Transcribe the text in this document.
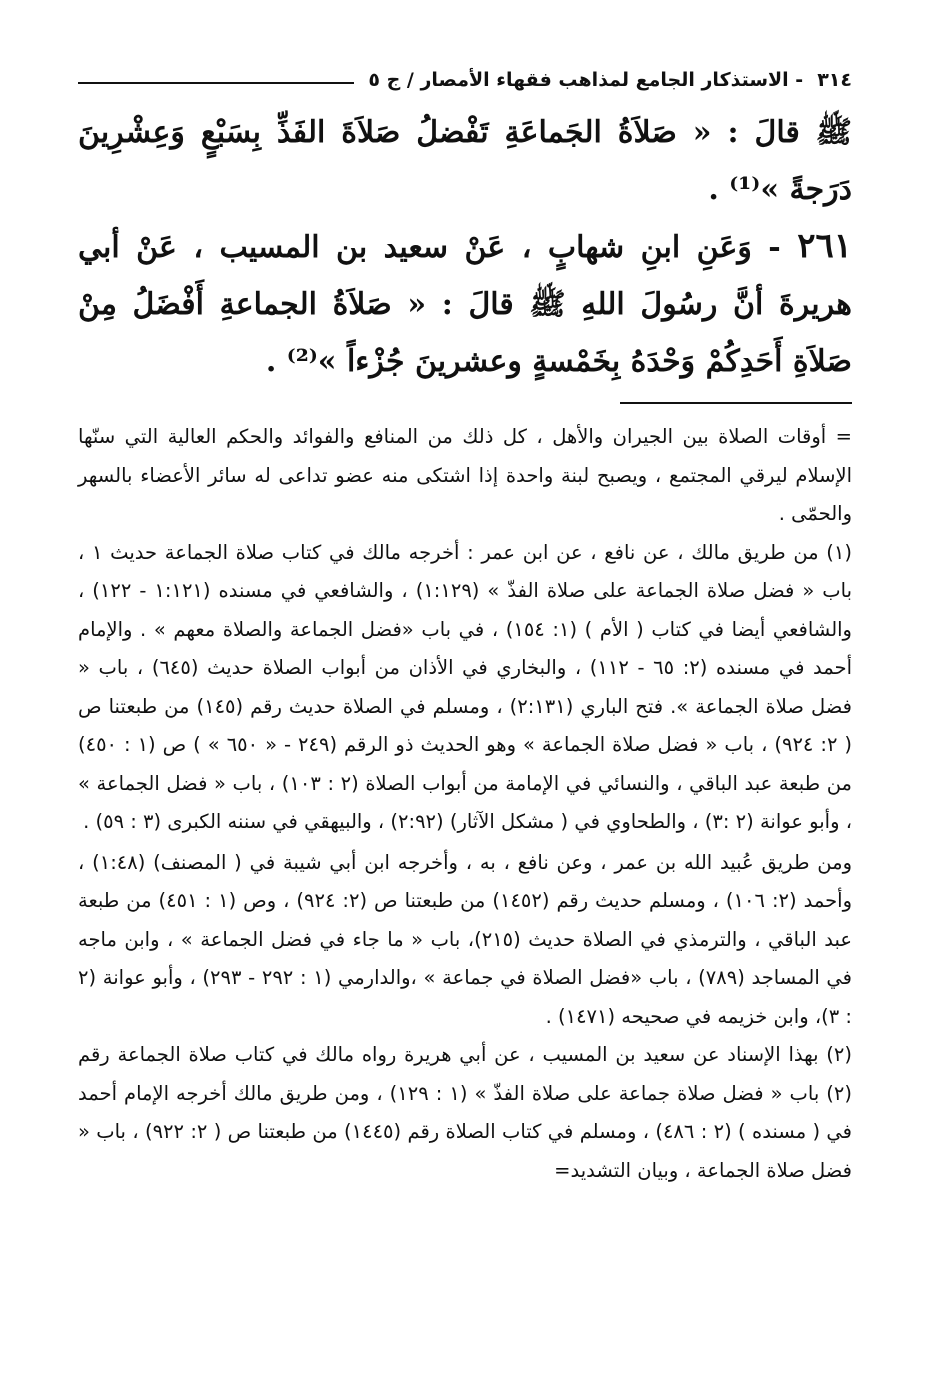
٣١٤
- الاستذكار الجامع لمذاهب فقهاء الأمصار / ج ٥

ﷺ قالَ : « صَلاَةُ الجَماعَةِ تَفْضلُ صَلاَةَ الفَذِّ بِسَبْعٍ وَعِشْرِينَ دَرَجةً »⁽¹⁾ .

٢٦١ - وَعَنِ ابنِ شهابٍ ، عَنْ سعيد بن المسيب ، عَنْ أبي هريرةَ أنَّ رسُولَ اللهِ ﷺ قالَ : « صَلاَةُ الجماعةِ أَفْضَلُ مِنْ صَلاَةِ أَحَدِكُمْ وَحْدَهُ بِخَمْسةٍ وعشرينَ جُزْءاً »⁽²⁾ .

= أوقات الصلاة بين الجيران والأهل ، كل ذلك من المنافع والفوائد والحكم العالية التي سنّها الإسلام ليرقي المجتمع ، ويصبح لبنة واحدة إذا اشتكى منه عضو تداعى له سائر الأعضاء بالسهر والحمّى .

(١) من طريق مالك ، عن نافع ، عن ابن عمر : أخرجه مالك في كتاب صلاة الجماعة حديث ١ ، باب « فضل صلاة الجماعة على صلاة الفذّ » (١:١٢٩) ، والشافعي في مسنده (١:١٢١ - ١٢٢) ، والشافعي أيضا في كتاب ( الأم ) (١: ١٥٤) ، في باب «فضل الجماعة والصلاة معهم » . والإمام أحمد في مسنده (٢: ٦٥ - ١١٢) ، والبخاري في الأذان من أبواب الصلاة حديث (٦٤٥) ، باب « فضل صلاة الجماعة ». فتح الباري (٢:١٣١) ، ومسلم في الصلاة حديث رقم (١٤٥) من طبعتنا ص ( ٢: ٩٢٤) ، باب « فضل صلاة الجماعة » وهو الحديث ذو الرقم (٢٤٩ - « ٦٥٠ » ) ص (١ : ٤٥٠) من طبعة عبد الباقي ، والنسائي في الإمامة من أبواب الصلاة (٢ : ١٠٣) ، باب « فضل الجماعة » ، وأبو عوانة (٢ :٣) ، والطحاوي في ( مشكل الآثار) (٢:٩٢) ، والبيهقي في سننه الكبرى (٣ : ٥٩) .

ومن طريق عُبيد الله بن عمر ، وعن نافع ، به ، وأخرجه ابن أبي شيبة في ( المصنف) (١:٤٨) ، وأحمد (٢: ١٠٦) ، ومسلم حديث رقم (١٤٥٢) من طبعتنا ص (٢: ٩٢٤) ، وص (١ : ٤٥١) من طبعة عبد الباقي ، والترمذي في الصلاة حديث (٢١٥)، باب « ما جاء في فضل الجماعة » ، وابن ماجه في المساجد (٧٨٩) ، باب «فضل الصلاة في جماعة » ،والدارمي (١ : ٢٩٢ - ٢٩٣) ، وأبو عوانة (٢ : ٣)، وابن خزيمه في صحيحه (١٤٧١) .

(٢) بهذا الإسناد عن سعيد بن المسيب ، عن أبي هريرة رواه مالك في كتاب صلاة الجماعة رقم (٢) باب « فضل صلاة جماعة على صلاة الفذّ » (١ : ١٢٩) ، ومن طريق مالك أخرجه الإمام أحمد في ( مسنده ) (٢ : ٤٨٦) ، ومسلم في كتاب الصلاة رقم (١٤٤٥) من طبعتنا ص ( ٢: ٩٢٢) ، باب « فضل صلاة الجماعة ، وبيان التشديد=
